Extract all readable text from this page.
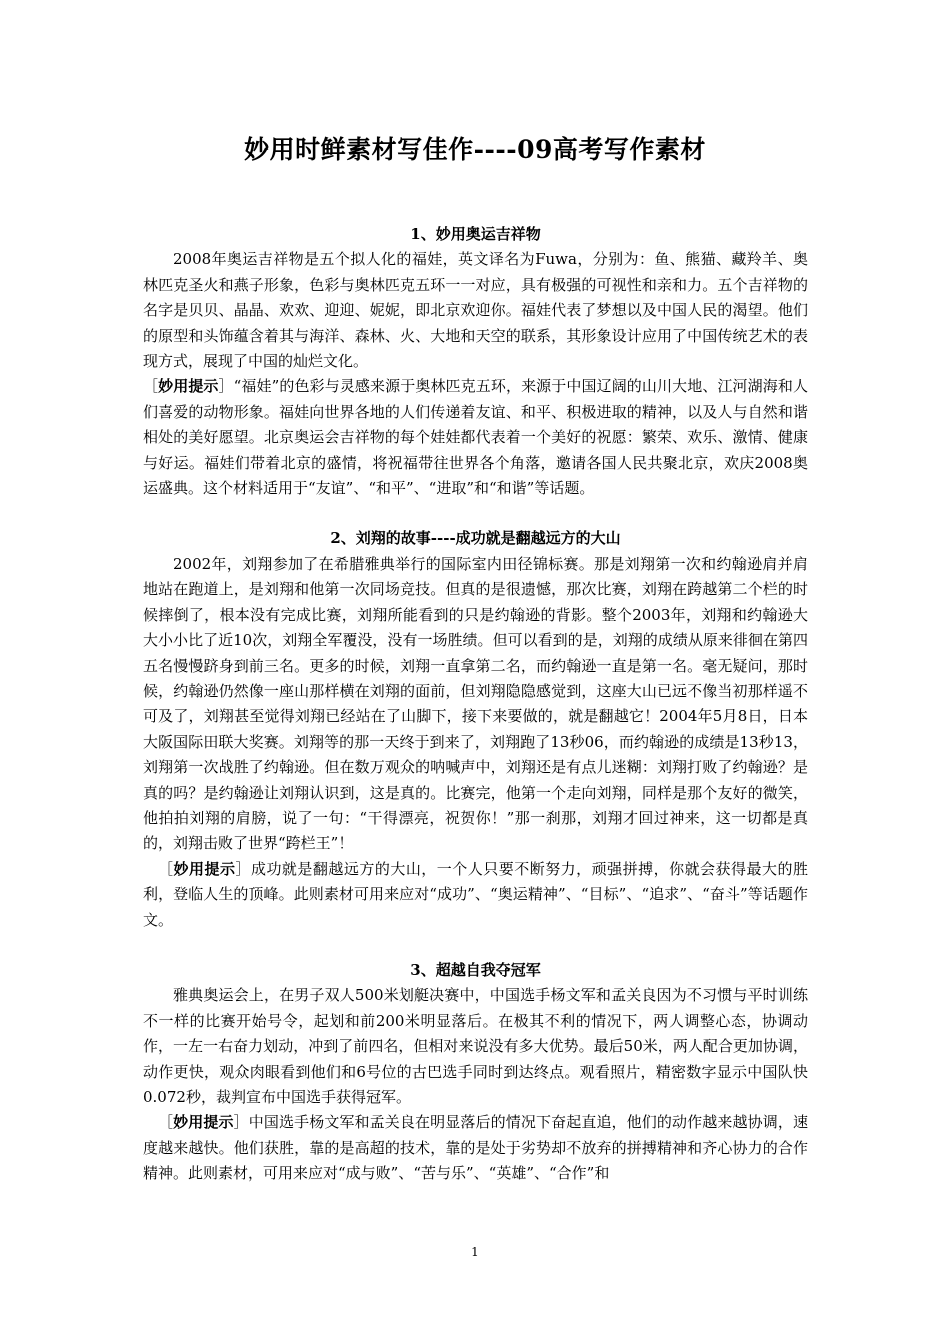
妙用时鲜素材写佳作----09高考写作素材

1、妙用奥运吉祥物

2008年奥运吉祥物是五个拟人化的福娃，英文译名为Fuwa，分别为：鱼、熊猫、藏羚羊、奥林匹克圣火和燕子形象，色彩与奥林匹克五环一一对应，具有极强的可视性和亲和力。五个吉祥物的名字是贝贝、晶晶、欢欢、迎迎、妮妮，即北京欢迎你。福娃代表了梦想以及中国人民的渴望。他们的原型和头饰蕴含着其与海洋、森林、火、大地和天空的联系，其形象设计应用了中国传统艺术的表现方式，展现了中国的灿烂文化。

［妙用提示］“福娃”的色彩与灵感来源于奥林匹克五环，来源于中国辽阔的山川大地、江河湖海和人们喜爱的动物形象。福娃向世界各地的人们传递着友谊、和平、积极进取的精神，以及人与自然和谐相处的美好愿望。北京奥运会吉祥物的每个娃娃都代表着一个美好的祝愿：繁荣、欢乐、激情、健康与好运。福娃们带着北京的盛情，将祝福带往世界各个角落，邀请各国人民共聚北京，欢庆2008奥运盛典。这个材料适用于“友谊”、“和平”、“进取”和“和谐”等话题。

2、刘翔的故事----成功就是翻越远方的大山

2002年，刘翔参加了在希腊雅典举行的国际室内田径锦标赛。那是刘翔第一次和约翰逊肩并肩地站在跑道上，是刘翔和他第一次同场竞技。但真的是很遗憾，那次比赛，刘翔在跨越第二个栏的时候摔倒了，根本没有完成比赛，刘翔所能看到的只是约翰逊的背影。整个2003年，刘翔和约翰逊大大小小比了近10次，刘翔全军覆没，没有一场胜绩。但可以看到的是，刘翔的成绩从原来徘徊在第四五名慢慢跻身到前三名。更多的时候，刘翔一直拿第二名，而约翰逊一直是第一名。毫无疑问，那时候，约翰逊仍然像一座山那样横在刘翔的面前，但刘翔隐隐感觉到，这座大山已远不像当初那样遥不可及了，刘翔甚至觉得刘翔已经站在了山脚下，接下来要做的，就是翻越它！2004年5月8日，日本大阪国际田联大奖赛。刘翔等的那一天终于到来了，刘翔跑了13秒06，而约翰逊的成绩是13秒13，刘翔第一次战胜了约翰逊。但在数万观众的呐喊声中，刘翔还是有点儿迷糊：刘翔打败了约翰逊？是真的吗？是约翰逊让刘翔认识到，这是真的。比赛完，他第一个走向刘翔，同样是那个友好的微笑，他拍拍刘翔的肩膀，说了一句：“干得漂亮，祝贺你！”那一刹那，刘翔才回过神来，这一切都是真的，刘翔击败了世界“跨栏王”！

［妙用提示］成功就是翻越远方的大山，一个人只要不断努力，顽强拼搏，你就会获得最大的胜利，登临人生的顶峰。此则素材可用来应对“成功”、“奥运精神”、“目标”、“追求”、“奋斗”等话题作文。

3、超越自我夺冠军

雅典奥运会上，在男子双人500米划艇决赛中，中国选手杨文军和孟关良因为不习惯与平时训练不一样的比赛开始号令，起划和前200米明显落后。在极其不利的情况下，两人调整心态，协调动作，一左一右奋力划动，冲到了前四名，但相对来说没有多大优势。最后50米，两人配合更加协调，动作更快，观众肉眼看到他们和6号位的古巴选手同时到达终点。观看照片，精密数字显示中国队快0.072秒，裁判宣布中国选手获得冠军。

［妙用提示］中国选手杨文军和孟关良在明显落后的情况下奋起直追，他们的动作越来越协调，速度越来越快。他们获胜，靠的是高超的技术，靠的是处于劣势却不放弃的拼搏精神和齐心协力的合作精神。此则素材，可用来应对“成与败”、“苦与乐”、“英雄”、“合作”和

1
